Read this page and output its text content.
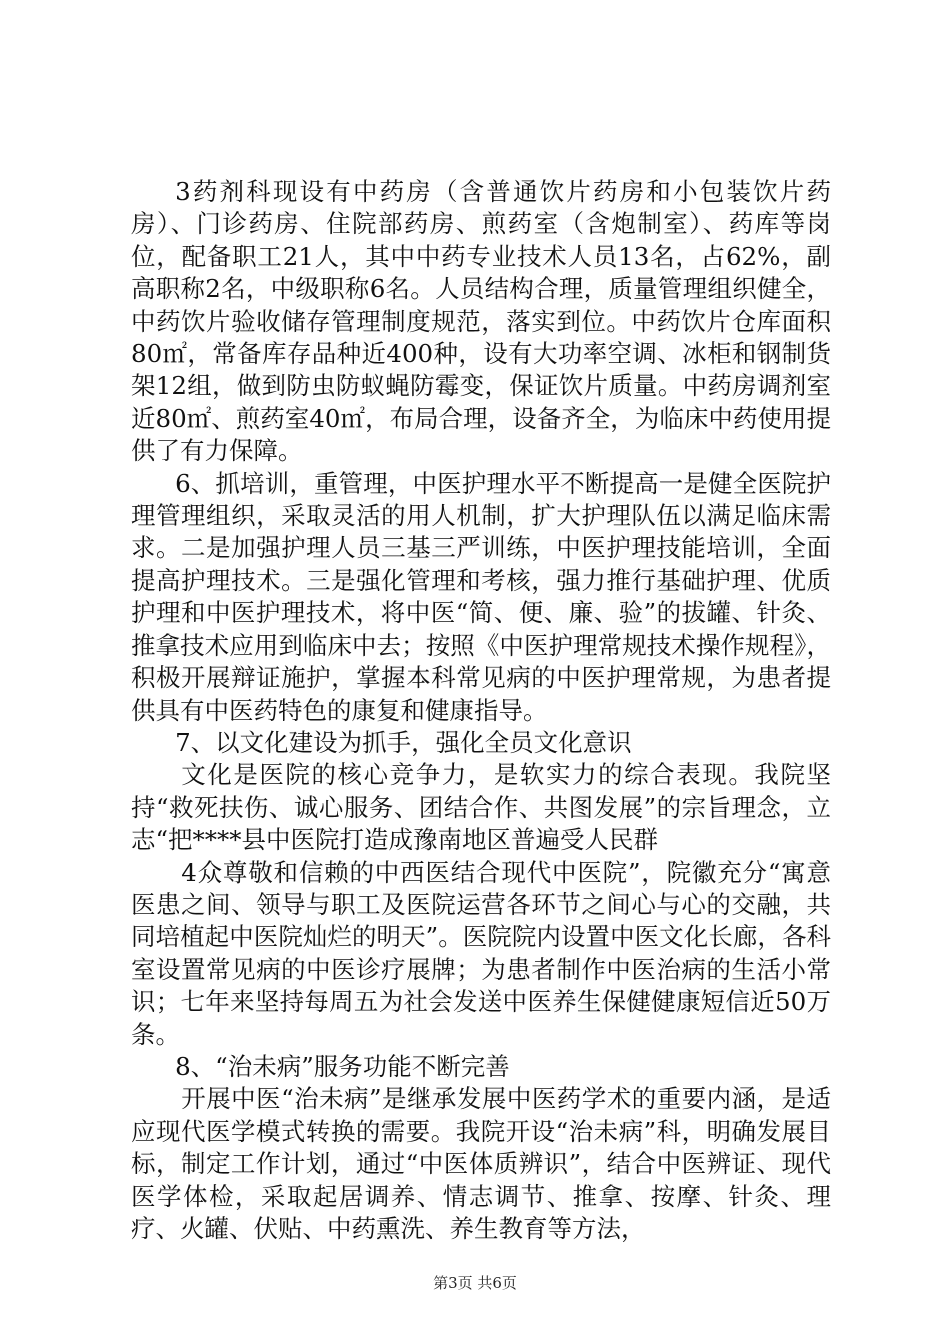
3药剂科现设有中药房（含普通饮片药房和小包装饮片药房）、门诊药房、住院部药房、煎药室（含炮制室）、药库等岗位，配备职工21人，其中中药专业技术人员13名，占62%，副高职称2名，中级职称6名。人员结构合理，质量管理组织健全，中药饮片验收储存管理制度规范，落实到位。中药饮片仓库面积80㎡，常备库存品种近400种，设有大功率空调、冰柜和钢制货架12组，做到防虫防蚁蝇防霉变，保证饮片质量。中药房调剂室近80㎡、煎药室40㎡，布局合理，设备齐全，为临床中药使用提供了有力保障。

6、抓培训，重管理，中医护理水平不断提高一是健全医院护理管理组织，采取灵活的用人机制，扩大护理队伍以满足临床需求。二是加强护理人员三基三严训练，中医护理技能培训，全面提高护理技术。三是强化管理和考核，强力推行基础护理、优质护理和中医护理技术，将中医“简、便、廉、验”的拔罐、针灸、推拿技术应用到临床中去；按照《中医护理常规技术操作规程》，积极开展辩证施护，掌握本科常见病的中医护理常规，为患者提供具有中医药特色的康复和健康指导。

7、以文化建设为抓手，强化全员文化意识

文化是医院的核心竞争力，是软实力的综合表现。我院坚持“救死扶伤、诚心服务、团结合作、共图发展”的宗旨理念，立志“把****县中医院打造成豫南地区普遍受人民群

4众尊敬和信赖的中西医结合现代中医院”，院徽充分“寓意医患之间、领导与职工及医院运营各环节之间心与心的交融，共同培植起中医院灿烂的明天”。医院院内设置中医文化长廊，各科室设置常见病的中医诊疗展牌；为患者制作中医治病的生活小常识；七年来坚持每周五为社会发送中医养生保健健康短信近50万条。

8、“治未病”服务功能不断完善

开展中医“治未病”是继承发展中医药学术的重要内涵，是适应现代医学模式转换的需要。我院开设“治未病”科，明确发展目标，制定工作计划，通过“中医体质辨识”，结合中医辨证、现代医学体检，采取起居调养、情志调节、推拿、按摩、针灸、理疗、火罐、伏贴、中药熏洗、养生教育等方法，

第3页 共6页
